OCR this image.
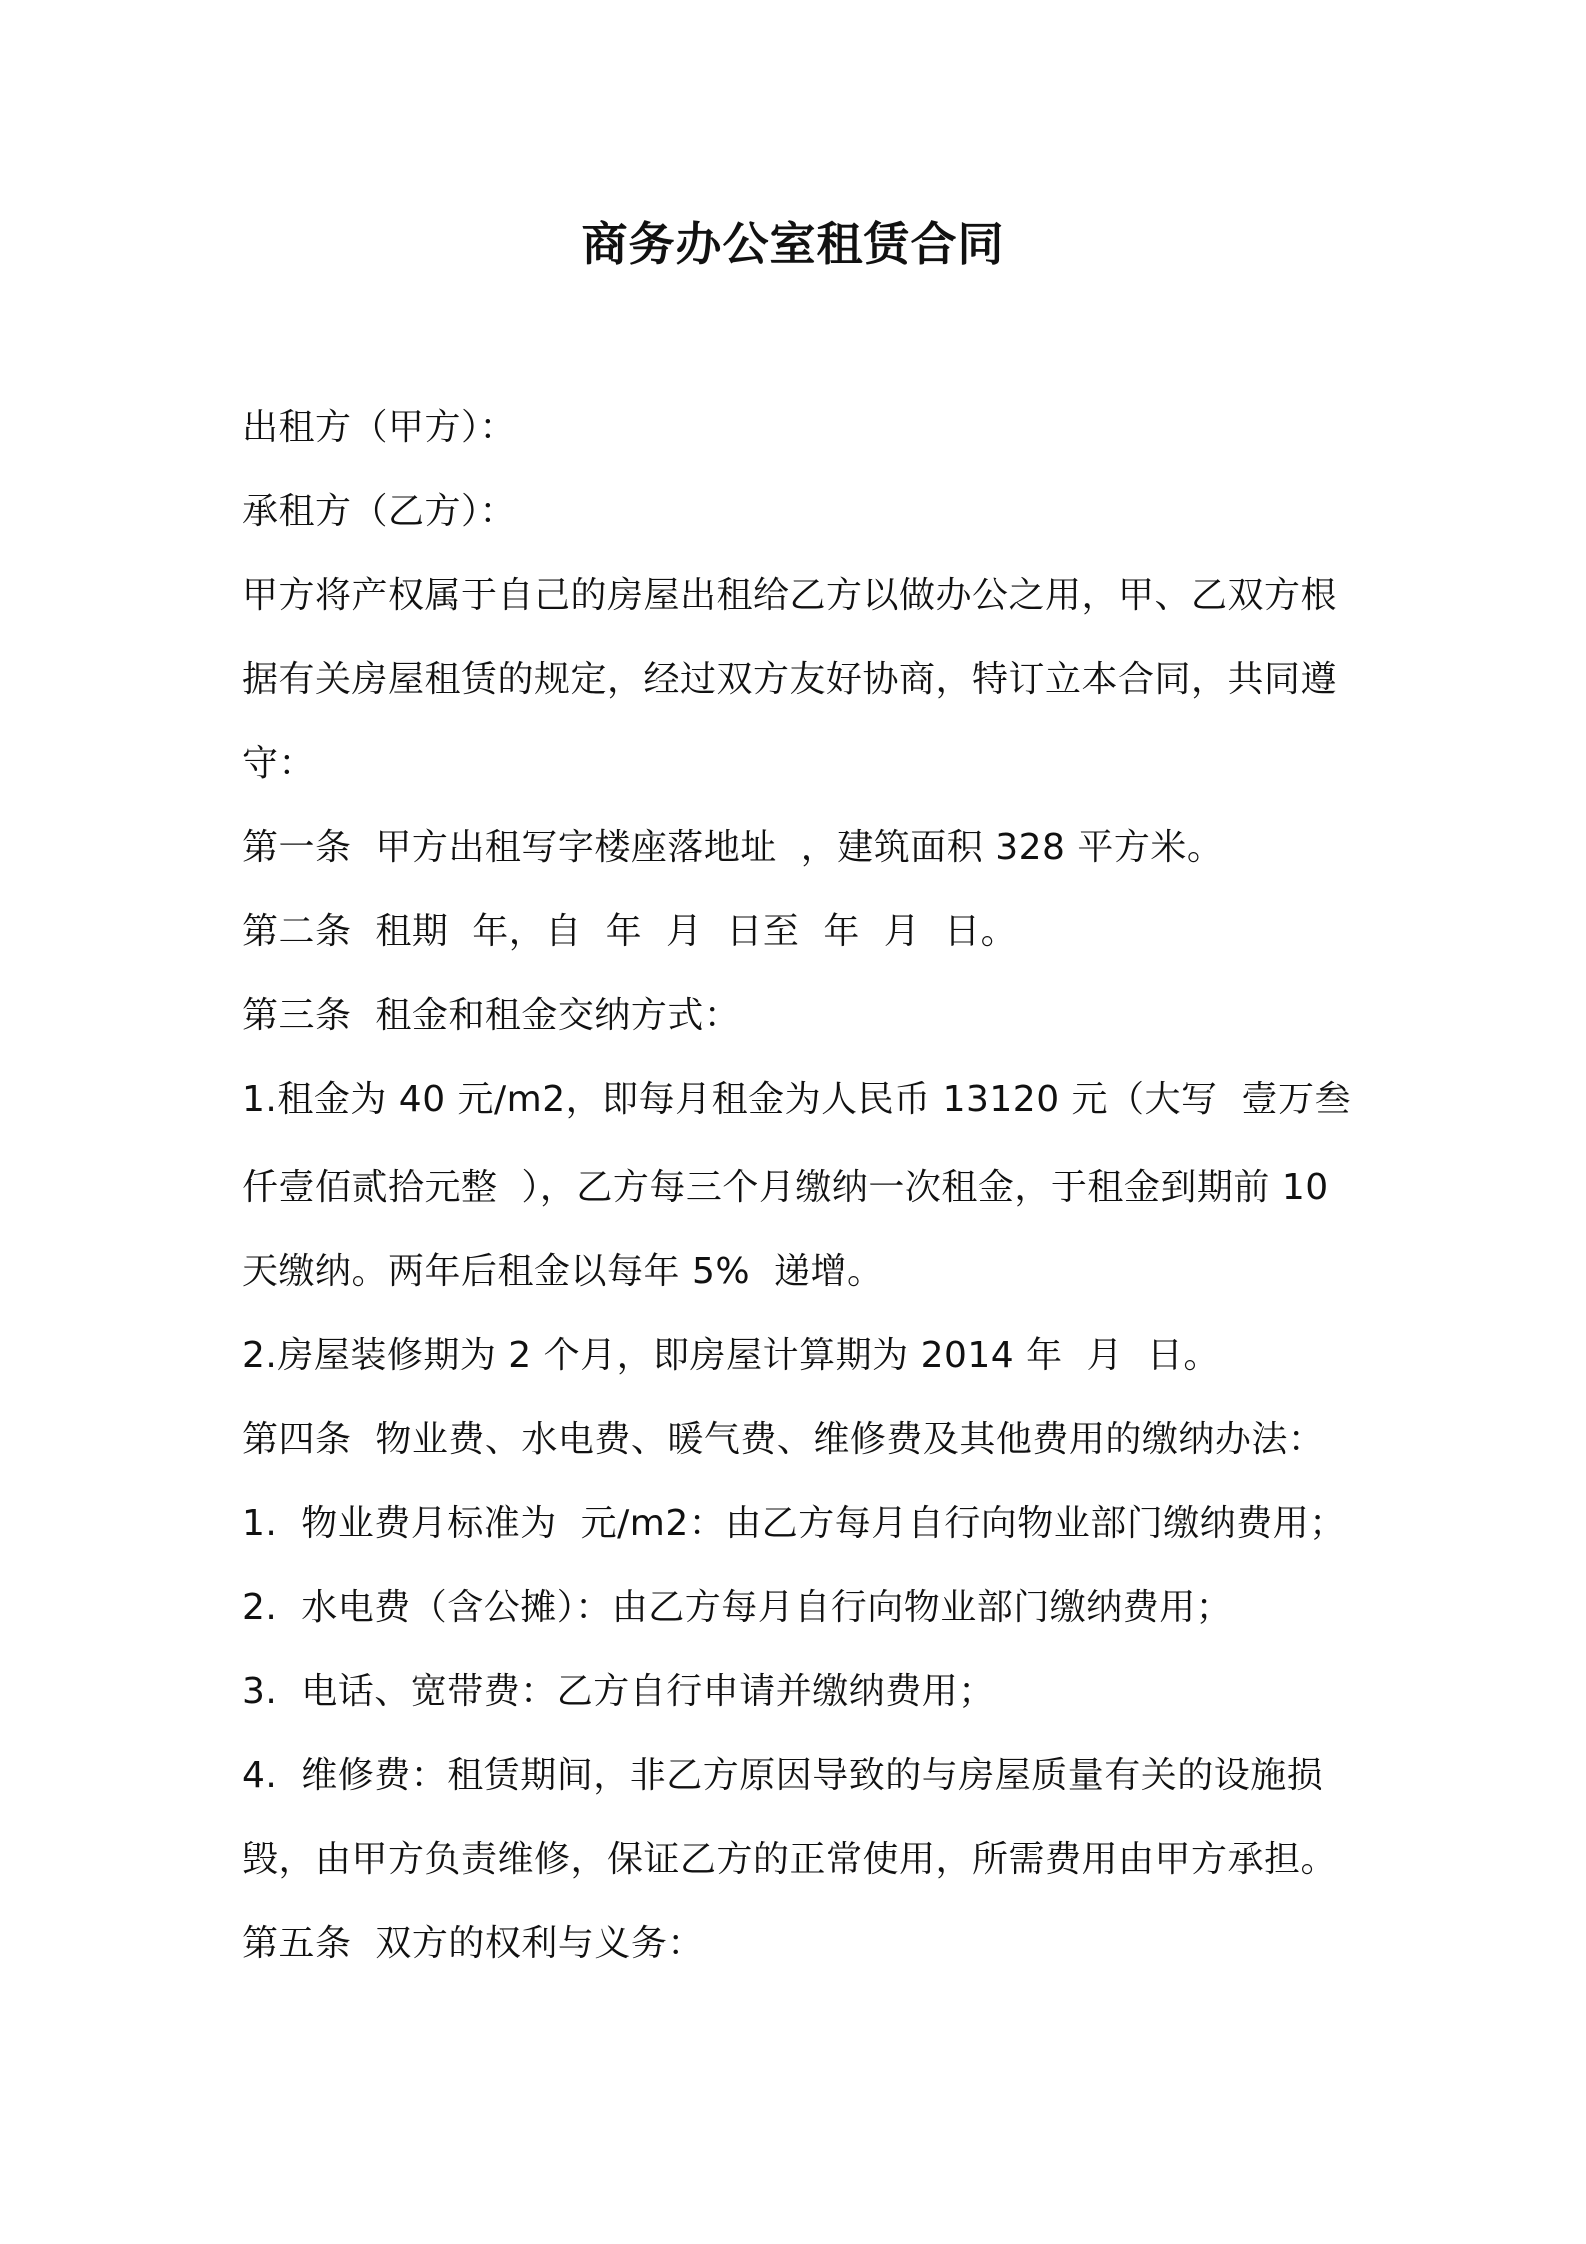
商务办公室租赁合同

出租方（甲方）：

承租方（乙方）：

甲方将产权属于自己的房屋出租给乙方以做办公之用，甲、乙双方根

据有关房屋租赁的规定，经过双方友好协商，特订立本合同，共同遵

守：

第一条  甲方出租写字楼座落地址  ，建筑面积 328 平方米。

第二条  租期  年，自  年  月  日至  年  月  日。

第三条  租金和租金交纳方式：

1.租金为 40 元/m2，即每月租金为人民币 13120 元（大写  壹万叁

仟壹佰贰拾元整  ），乙方每三个月缴纳一次租金，于租金到期前 10

天缴纳。两年后租金以每年 5%  递增。

2.房屋装修期为 2 个月，即房屋计算期为 2014 年  月  日。

第四条  物业费、水电费、暖气费、维修费及其他费用的缴纳办法：

1.  物业费月标准为  元/m2：由乙方每月自行向物业部门缴纳费用；

2.  水电费（含公摊）：由乙方每月自行向物业部门缴纳费用；

3.  电话、宽带费：乙方自行申请并缴纳费用；

4.  维修费：租赁期间，非乙方原因导致的与房屋质量有关的设施损

毁，由甲方负责维修，保证乙方的正常使用，所需费用由甲方承担。

第五条  双方的权利与义务：
